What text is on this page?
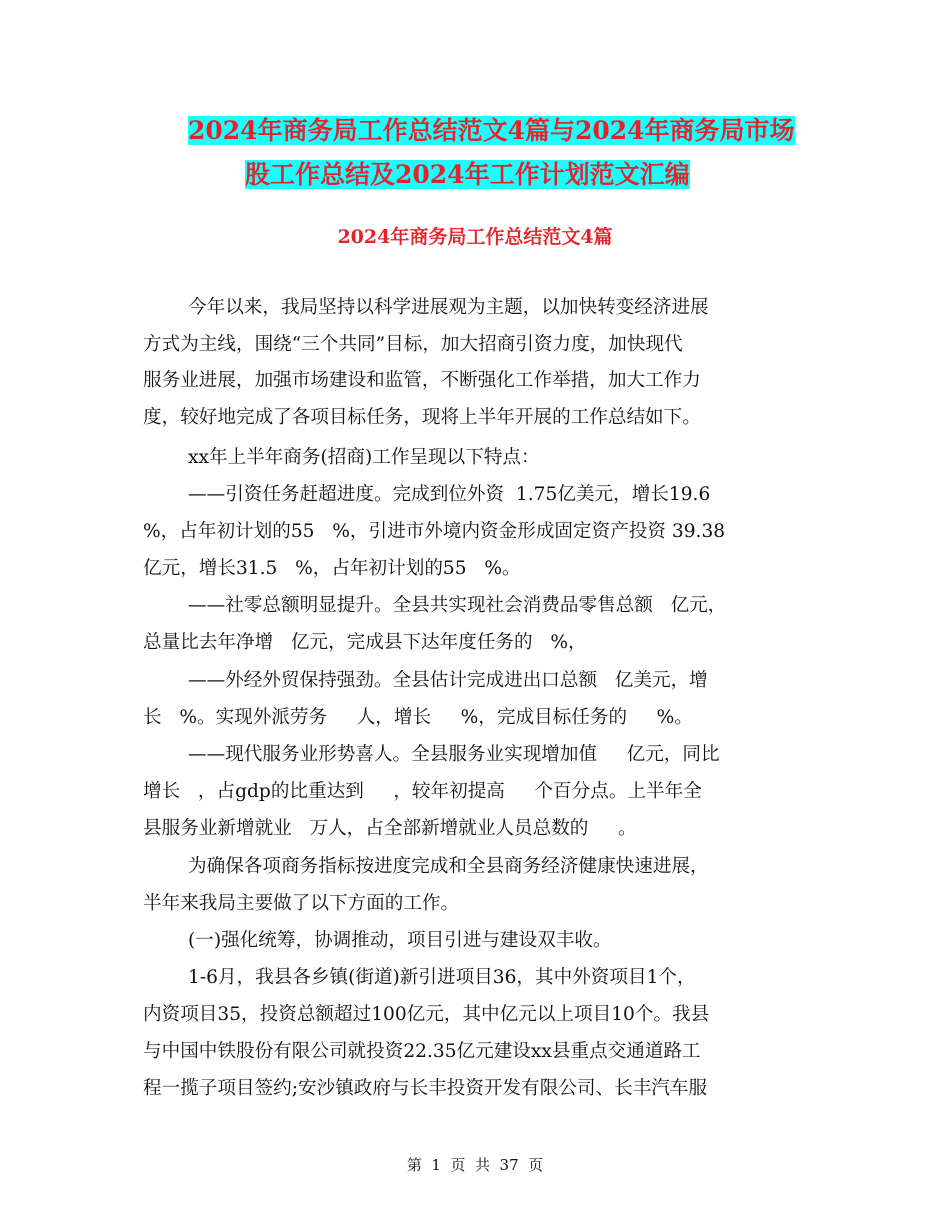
2024年商务局工作总结范文4篇与2024年商务局市场
股工作总结及2024年工作计划范文汇编
2024年商务局工作总结范文4篇
今年以来，我局坚持以科学进展观为主题，以加快转变经济进展
方式为主线，围绕“三个共同”目标，加大招商引资力度，加快现代
服务业进展，加强市场建设和监管，不断强化工作举措，加大工作力
度，较好地完成了各项目标任务，现将上半年开展的工作总结如下。
xx年上半年商务(招商)工作呈现以下特点：
——引资任务赶超进度。完成到位外资  1.75亿美元，增长19.6
%，占年初计划的55   %，引进市外境内资金形成固定资产投资 39.38
亿元，增长31.5   %，占年初计划的55   %。
——社零总额明显提升。全县共实现社会消费品零售总额   亿元，
总量比去年净增   亿元，完成县下达年度任务的   %，
——外经外贸保持强劲。全县估计完成进出口总额   亿美元，增
长   %。实现外派劳务     人，增长     %，完成目标任务的     %。
——现代服务业形势喜人。全县服务业实现增加值     亿元，同比
增长   ，占gdp的比重达到     ，较年初提高     个百分点。上半年全
县服务业新增就业   万人，占全部新增就业人员总数的     。
为确保各项商务指标按进度完成和全县商务经济健康快速进展，
半年来我局主要做了以下方面的工作。
(一)强化统筹，协调推动，项目引进与建设双丰收。
1-6月，我县各乡镇(街道)新引进项目36，其中外资项目1个，
内资项目35，投资总额超过100亿元，其中亿元以上项目10个。我县
与中国中铁股份有限公司就投资22.35亿元建设xx县重点交通道路工
程一揽子项目签约;安沙镇政府与长丰投资开发有限公司、长丰汽车服
第  1  页  共  37  页
